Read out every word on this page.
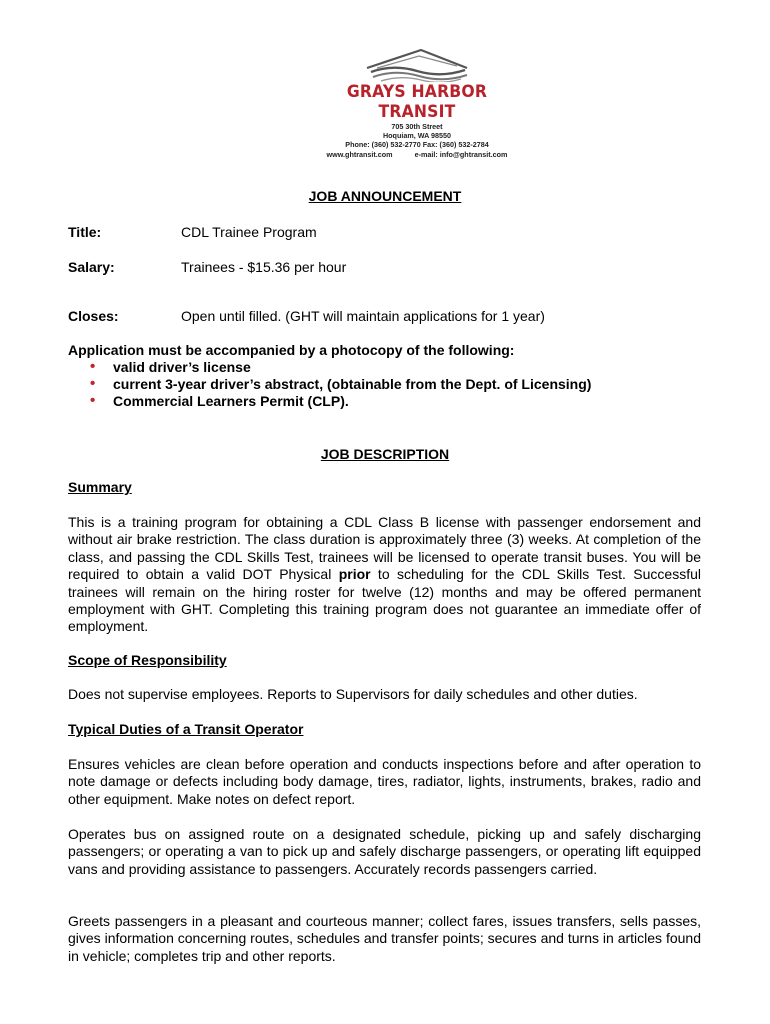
GRAYS HARBOR TRANSIT
705 30th Street
Hoquiam, WA 98550
Phone: (360) 532-2770 Fax: (360) 532-2784
www.ghtransit.com	e-mail: info@ghtransit.com
JOB ANNOUNCEMENT
Title:	CDL Trainee Program
Salary:	Trainees - $15.36 per hour
Closes:	Open until filled. (GHT will maintain applications for 1 year)
Application must be accompanied by a photocopy of the following:
• valid driver’s license
• current 3-year driver’s abstract, (obtainable from the Dept. of Licensing)
• Commercial Learners Permit (CLP).
JOB DESCRIPTION
Summary
This is a training program for obtaining a CDL Class B license with passenger endorsement and without air brake restriction. The class duration is approximately three (3) weeks. At completion of the class, and passing the CDL Skills Test, trainees will be licensed to operate transit buses. You will be required to obtain a valid DOT Physical prior to scheduling for the CDL Skills Test. Successful trainees will remain on the hiring roster for twelve (12) months and may be offered permanent employment with GHT. Completing this training program does not guarantee an immediate offer of employment.
Scope of Responsibility
Does not supervise employees. Reports to Supervisors for daily schedules and other duties.
Typical Duties of a Transit Operator
Ensures vehicles are clean before operation and conducts inspections before and after operation to note damage or defects including body damage, tires, radiator, lights, instruments, brakes, radio and other equipment. Make notes on defect report.
Operates bus on assigned route on a designated schedule, picking up and safely discharging passengers; or operating a van to pick up and safely discharge passengers, or operating lift equipped vans and providing assistance to passengers. Accurately records passengers carried.
Greets passengers in a pleasant and courteous manner; collect fares, issues transfers, sells passes, gives information concerning routes, schedules and transfer points; secures and turns in articles found in vehicle; completes trip and other reports.
